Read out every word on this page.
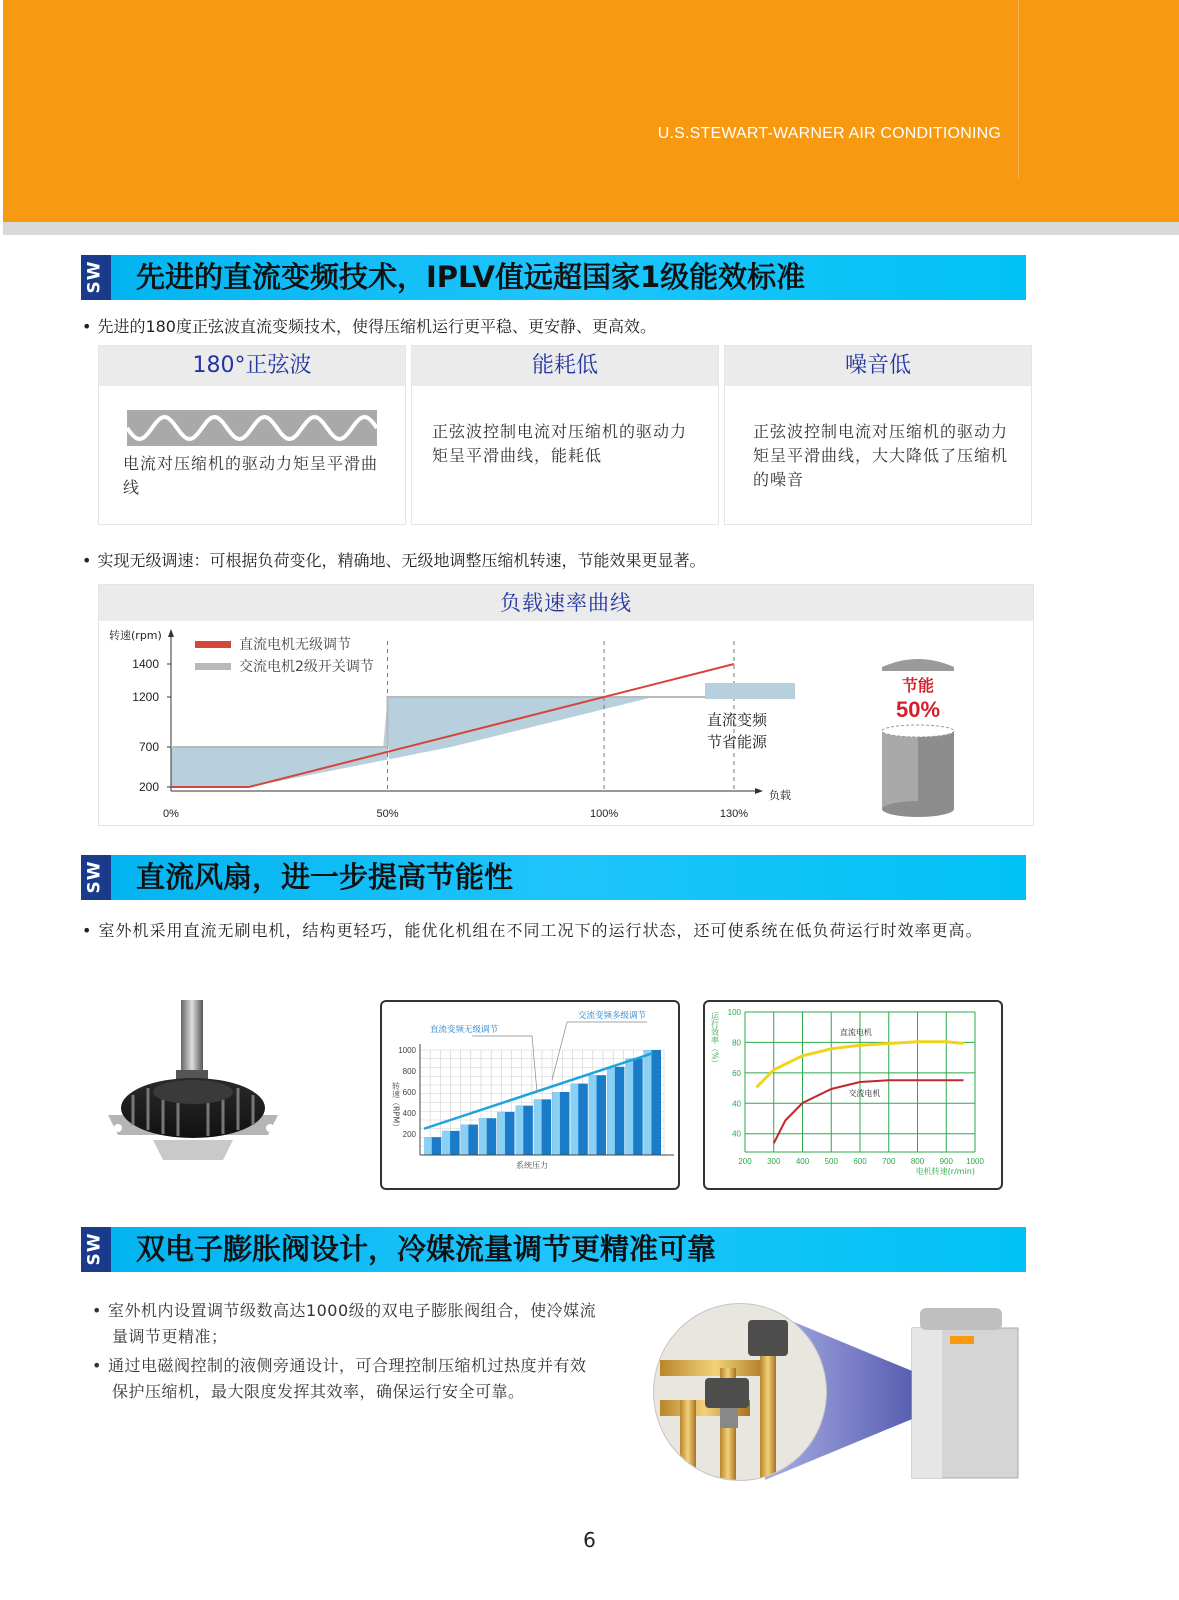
U.S.STEWART-WARNER AIR CONDITIONING
SW 先进的直流变频技术，IPLV值远超国家1级能效标准
• 先进的180度正弦波直流变频技术，使得压缩机运行更平稳、更安静、更高效。
180°正弦波
电流对压缩机的驱动力矩呈平滑曲线
能耗低
正弦波控制电流对压缩机的驱动力矩呈平滑曲线，能耗低
噪音低
正弦波控制电流对压缩机的驱动力矩呈平滑曲线，大大降低了压缩机的噪音
• 实现无级调速：可根据负荷变化，精确地、无级地调整压缩机转速，节能效果更显著。
负载速率曲线
200
700
1200
1400
转速(rpm)
负载
0%	50%	100%	130%
直流电机无级调节
交流电机2级开关调节
直流变频
节省能源
节能
50%
SW 直流风扇，进一步提高节能性
• 室外机采用直流无刷电机，结构更轻巧，能优化机组在不同工况下的运行状态，还可使系统在低负荷运行时效率更高。
200
400
600
800
1000
转速（RPM）
系统压力
直流变频无级调节
交流变频多级调节
40
40
60
80
100
200 300 400 500 600 700 800 900 1000
运行效率（%）
电机转速(r/min)
直流电机
交流电机
SW 双电子膨胀阀设计，冷媒流量调节更精准可靠
• 室外机内设置调节级数高达1000级的双电子膨胀阀组合，使冷媒流量调节更精准；
• 通过电磁阀控制的液侧旁通设计，可合理控制压缩机过热度并有效保护压缩机，最大限度发挥其效率，确保运行安全可靠。
6
